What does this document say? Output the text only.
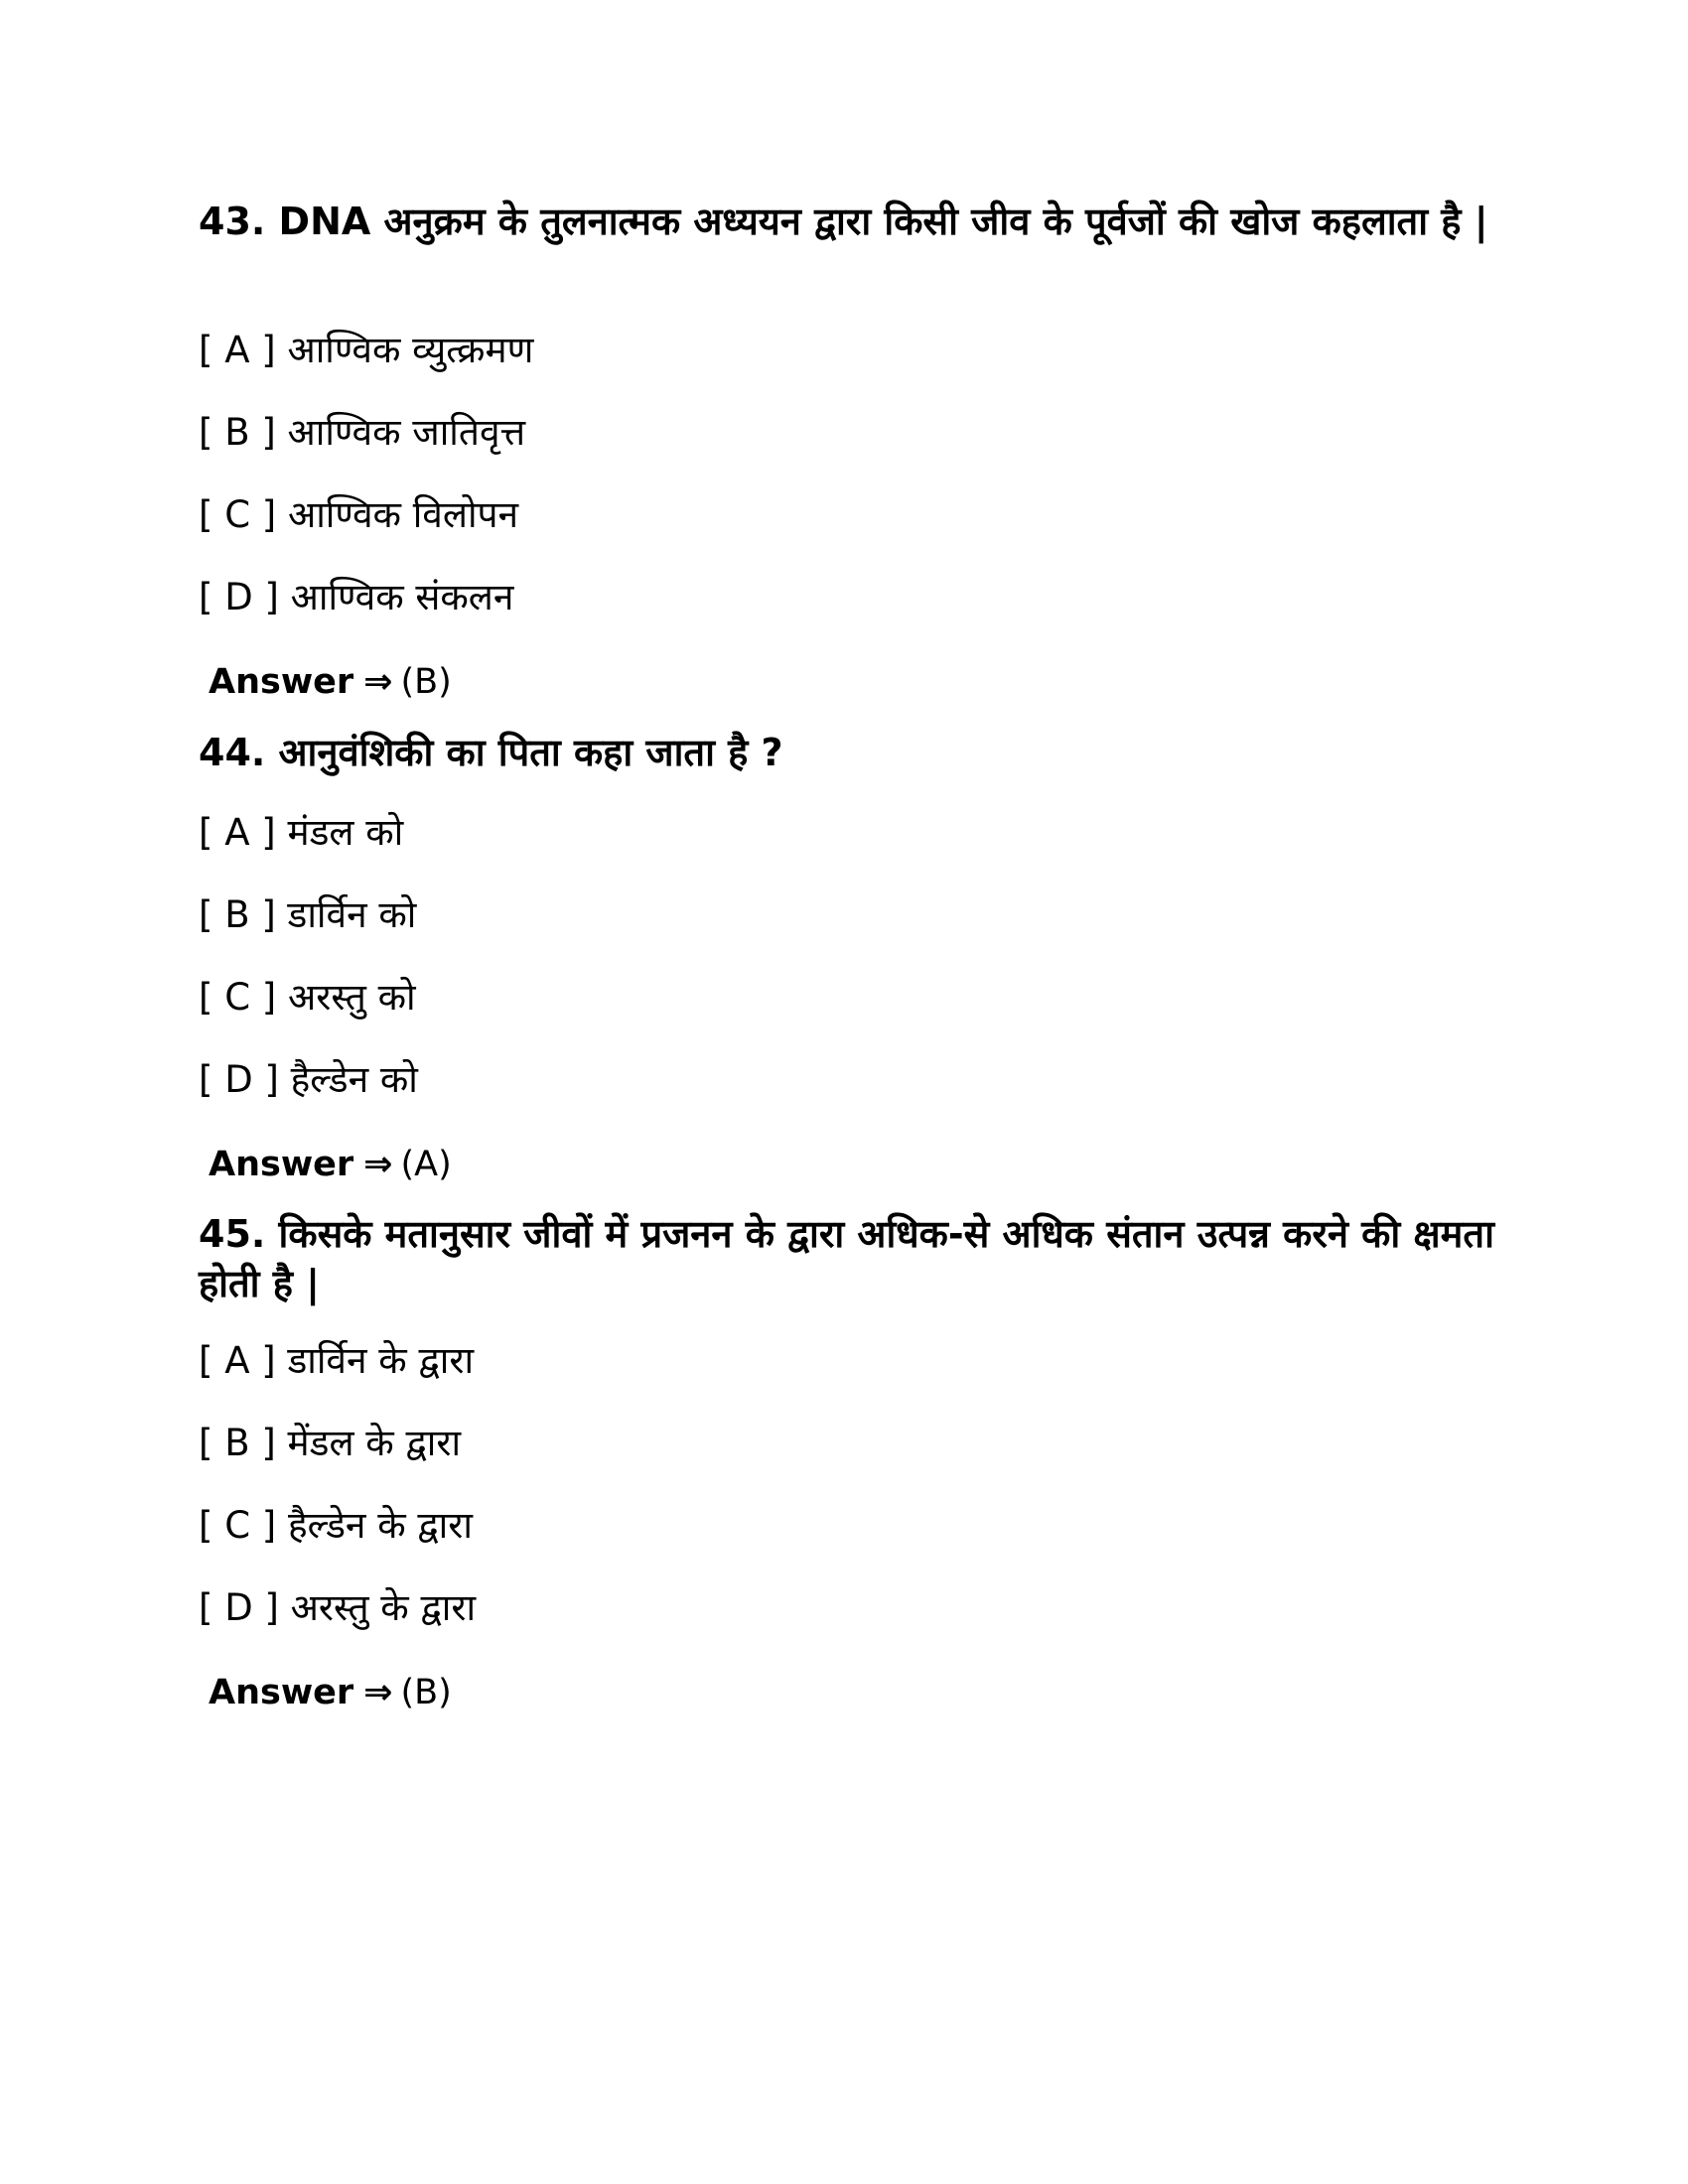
43. DNA अनुक्रम के तुलनात्मक अध्ययन द्वारा किसी जीव के पूर्वजों की खोज कहलाता है |
[ A ] आण्विक व्युत्क्रमण
[ B ] आण्विक जातिवृत्त
[ C ] आण्विक विलोपन
[ D ] आण्विक संकलन
Answer ⇒ (B)
44. आनुवंशिकी का पिता कहा जाता है ?
[ A ] मंडल को
[ B ] डार्विन को
[ C ] अरस्तु को
[ D ] हैल्डेन को
Answer ⇒ (A)
45. किसके मतानुसार जीवों में प्रजनन के द्वारा अधिक-से अधिक संतान उत्पन्न करने की क्षमता होती है |
[ A ] डार्विन के द्वारा
[ B ] मेंडल के द्वारा
[ C ] हैल्डेन के द्वारा
[ D ] अरस्तु के द्वारा
Answer ⇒ (B)
